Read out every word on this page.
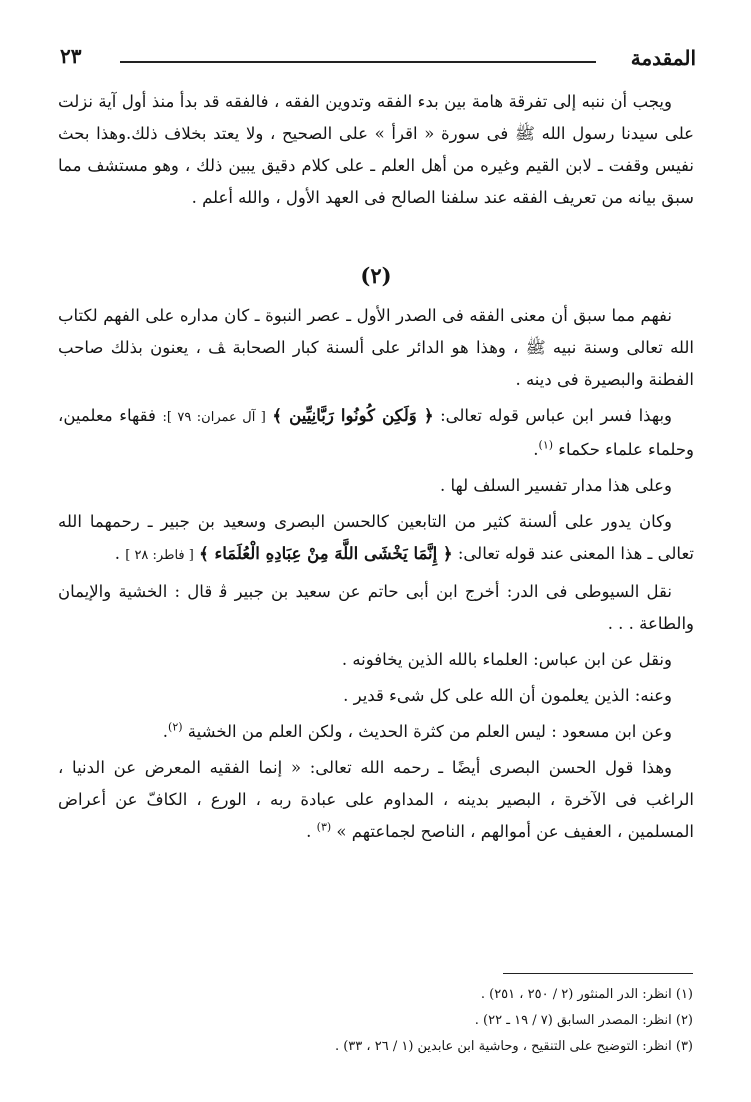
المقدمة
٢٣

ويجب أن ننبه إلى تفرقة هامة بين بدء الفقه وتدوين الفقه ، فالفقه قد بدأ منذ أول آية نزلت على سيدنا رسول الله ﷺ فى سورة « اقرأ » على الصحيح ، ولا يعتد بخلاف ذلك.وهذا بحث نفيس وقفت ـ لابن القيم وغيره من أهل العلم ـ على كلام دقيق يبين ذلك ، وهو مستشف مما سبق بيانه من تعريف الفقه عند سلفنا الصالح فى العهد الأول ، والله أعلم .

(٢)

نفهم مما سبق أن معنى الفقه فى الصدر الأول ـ عصر النبوة ـ كان مداره على الفهم لكتاب الله تعالى وسنة نبيه ﷺ ، وهذا هو الدائر على ألسنة كبار الصحابة ﭫ ، يعنون بذلك صاحب الفطنة والبصيرة فى دينه .

وبهذا فسر ابن عباس قوله تعالى: ﴿ وَلَكِن كُونُوا رَبَّانِيِّين ﴾ [ آل عمران: ٧٩ ]: فقهاء معلمين، وحلماء علماء حكماء $^{(١)}$.

وعلى هذا مدار تفسير السلف لها .

وكان يدور على ألسنة كثير من التابعين كالحسن البصرى وسعيد بن جبير ـ رحمهما الله تعالى ـ هذا المعنى عند قوله تعالى: ﴿ إِنَّمَا يَخْشَى اللَّهَ مِنْ عِبَادِهِ الْعُلَمَاء ﴾ [ فاطر: ٢٨ ] .

نقل السيوطى فى الدر: أخرج ابن أبى حاتم عن سعيد بن جبير ﭬ قال : الخشية والإيمان والطاعة . . .

ونقل عن ابن عباس: العلماء بالله الذين يخافونه .

وعنه: الذين يعلمون أن الله على كل شىء قدير .

وعن ابن مسعود : ليس العلم من كثرة الحديث ، ولكن العلم من الخشية $^{(٢)}$.

وهذا قول الحسن البصرى أيضًا ـ رحمه الله تعالى: « إنما الفقيه المعرض عن الدنيا ، الراغب فى الآخرة ، البصير بدينه ، المداوم على عبادة ربه ، الورع ، الكافّ عن أعراض المسلمين ، العفيف عن أموالهم ، الناصح لجماعتهم » $^{(٣)}$ .

(١) انظر: الدر المنثور (٢ / ٢٥٠ ، ٢٥١) .
(٢) انظر: المصدر السابق (٧ / ١٩ ـ ٢٢) .
(٣) انظر: التوضيح على التنقيح ، وحاشية ابن عابدين (١ / ٢٦ ، ٣٣) .
